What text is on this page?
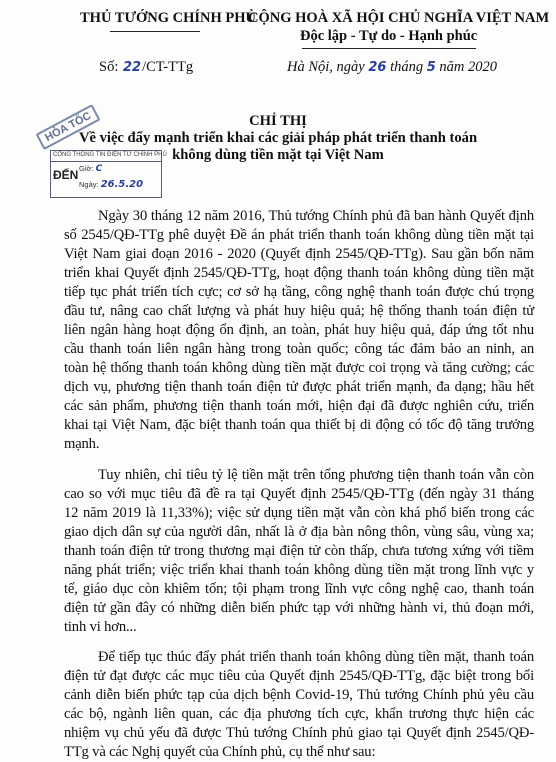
THỦ TƯỚNG CHÍNH PHỦ
CỘNG HOÀ XÃ HỘI CHỦ NGHĨA VIỆT NAM
Độc lập - Tự do - Hạnh phúc
Số: 22/CT-TTg	Hà Nội, ngày 26 tháng 5 năm 2020
HỎA TỐC	CHỈ THỊ
Về việc đẩy mạnh triển khai các giải pháp phát triển thanh toán
không dùng tiền mặt tại Việt Nam
CỔNG THÔNG TIN ĐIỆN TỬ CHÍNH PHỦ
ĐẾN Giờ: C
Ngày: 26.5.20
Ngày 30 tháng 12 năm 2016, Thủ tướng Chính phủ đã ban hành Quyết định
số 2545/QĐ-TTg phê duyệt Đề án phát triển thanh toán không dùng tiền mặt tại
Việt Nam giai đoạn 2016 - 2020 (Quyết định 2545/QĐ-TTg). Sau gần bốn năm
triển khai Quyết định 2545/QĐ-TTg, hoạt động thanh toán không dùng tiền mặt
tiếp tục phát triển tích cực; cơ sở hạ tầng, công nghệ thanh toán được chú trọng
đầu tư, nâng cao chất lượng và phát huy hiệu quả; hệ thống thanh toán điện tử
liên ngân hàng hoạt động ổn định, an toàn, phát huy hiệu quả, đáp ứng tốt nhu
cầu thanh toán liên ngân hàng trong toàn quốc; công tác đảm bảo an ninh, an
toàn hệ thống thanh toán không dùng tiền mặt được coi trọng và tăng cường; các
dịch vụ, phương tiện thanh toán điện tử được phát triển mạnh, đa dạng; hầu hết
các sản phẩm, phương tiện thanh toán mới, hiện đại đã được nghiên cứu, triển
khai tại Việt Nam, đặc biệt thanh toán qua thiết bị di động có tốc độ tăng trưởng
mạnh.
Tuy nhiên, chỉ tiêu tỷ lệ tiền mặt trên tổng phương tiện thanh toán vẫn còn
cao so với mục tiêu đã đề ra tại Quyết định 2545/QĐ-TTg (đến ngày 31 tháng
12 năm 2019 là 11,33%); việc sử dụng tiền mặt vẫn còn khá phổ biến trong các
giao dịch dân sự của người dân, nhất là ở địa bàn nông thôn, vùng sâu, vùng xa;
thanh toán điện tử trong thương mại điện tử còn thấp, chưa tương xứng với tiềm
năng phát triển; việc triển khai thanh toán không dùng tiền mặt trong lĩnh vực y
tế, giáo dục còn khiêm tốn; tội phạm trong lĩnh vực công nghệ cao, thanh toán
điện tử gần đây có những diễn biến phức tạp với những hành vi, thủ đoạn mới,
tinh vi hơn...
Để tiếp tục thúc đẩy phát triển thanh toán không dùng tiền mặt, thanh toán
điện tử đạt được các mục tiêu của Quyết định 2545/QĐ-TTg, đặc biệt trong bối
cảnh diễn biến phức tạp của dịch bệnh Covid-19, Thủ tướng Chính phủ yêu cầu
các bộ, ngành liên quan, các địa phương tích cực, khẩn trương thực hiện các
nhiệm vụ chủ yếu đã được Thủ tướng Chính phủ giao tại Quyết định 2545/QĐ-
TTg và các Nghị quyết của Chính phủ, cụ thể như sau:
